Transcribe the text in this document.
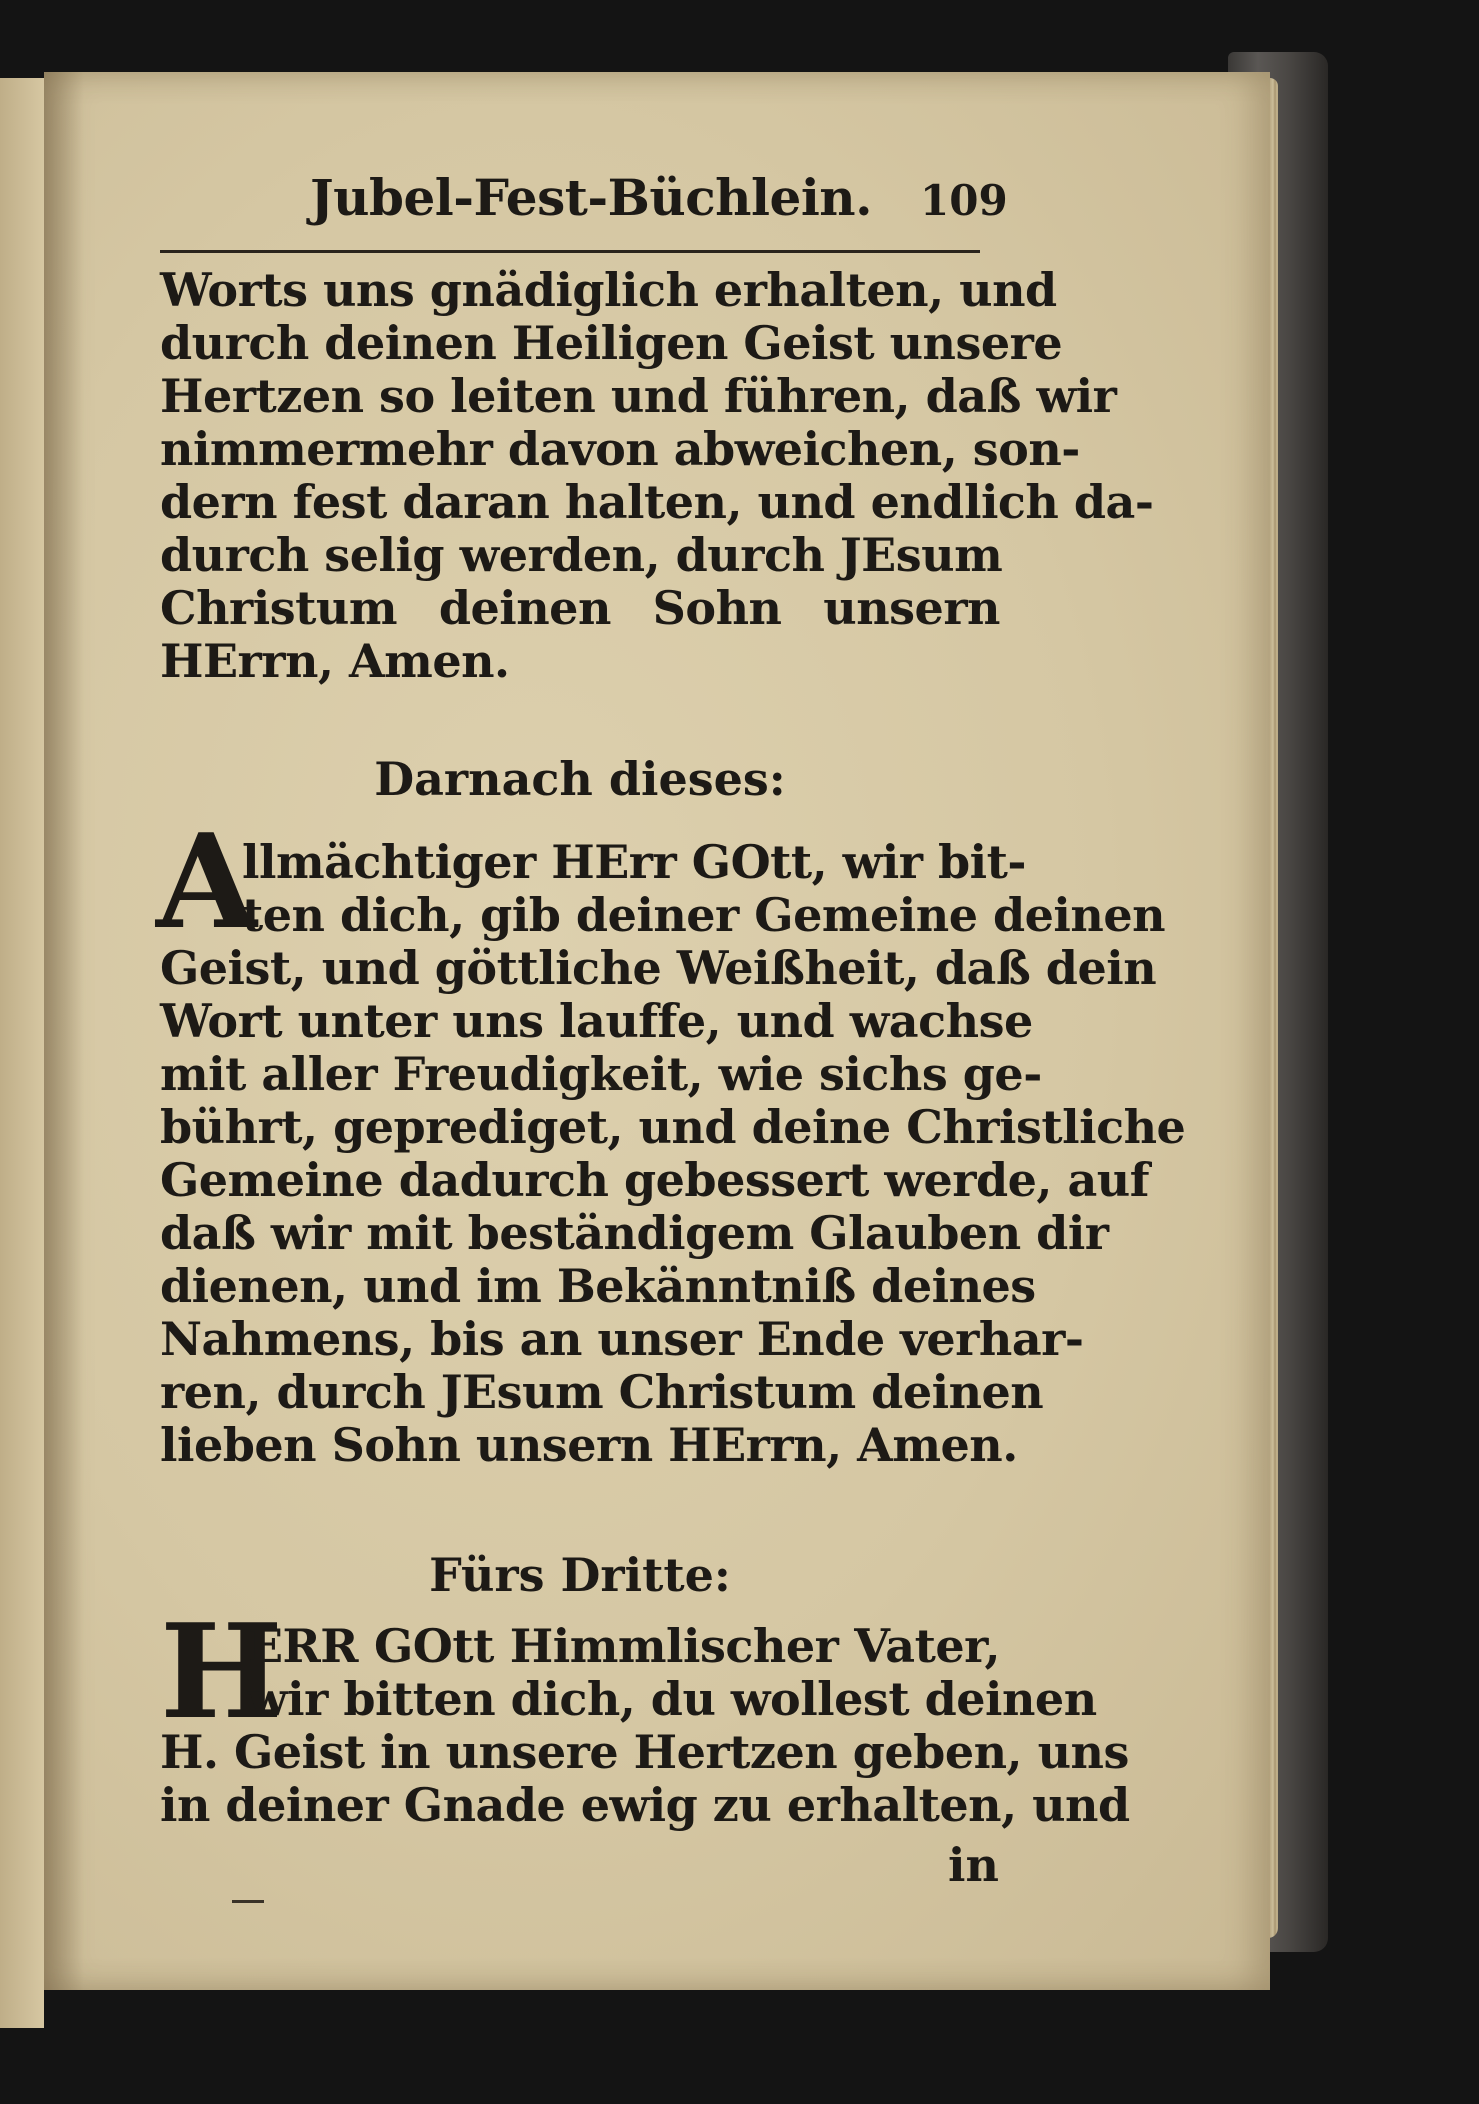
Jubel-Fest-Büchlein. 109
Worts uns gnädiglich erhalten, und
durch deinen Heiligen Geist unsere
Hertzen so leiten und führen, daß wir
nimmermehr davon abweichen, son-
dern fest daran halten, und endlich da-
durch selig werden, durch JEsum
Christum deinen Sohn unsern
HErrn, Amen.
Darnach dieses:
A
llmächtiger HErr GOtt, wir bit-
ten dich, gib deiner Gemeine deinen
Geist, und göttliche Weißheit, daß dein
Wort unter uns lauffe, und wachse
mit aller Freudigkeit, wie sichs ge-
bührt, geprediget, und deine Christliche
Gemeine dadurch gebessert werde, auf
daß wir mit beständigem Glauben dir
dienen, und im Bekänntniß deines
Nahmens, bis an unser Ende verhar-
ren, durch JEsum Christum deinen
lieben Sohn unsern HErrn, Amen.
Fürs Dritte:
H
ERR GOtt Himmlischer Vater,
wir bitten dich, du wollest deinen
H. Geist in unsere Hertzen geben, uns
in deiner Gnade ewig zu erhalten, und
in
